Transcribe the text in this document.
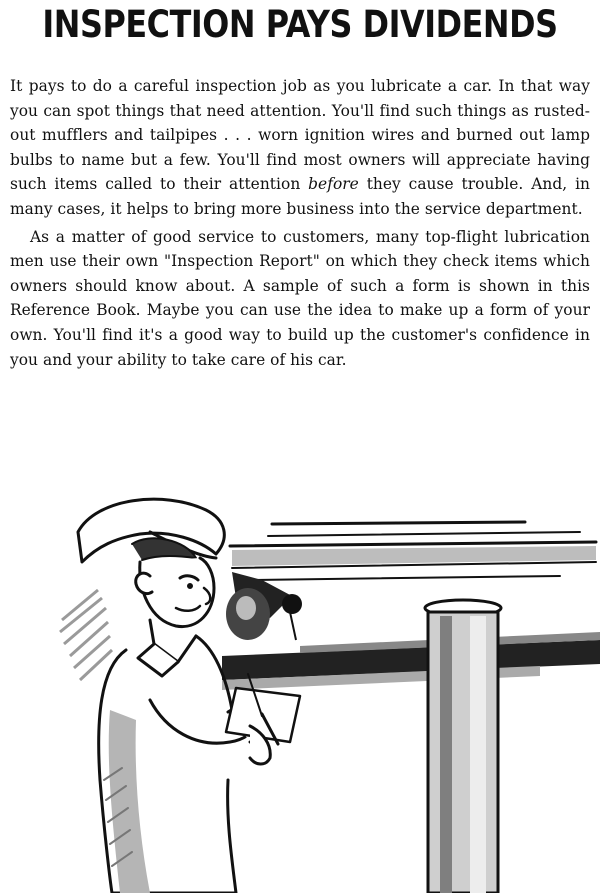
INSPECTION PAYS DIVIDENDS

It pays to do a careful inspection job as you lubricate a car. In that way you can spot things that need attention. You'll find such things as rusted-out mufflers and tailpipes . . . worn ignition wires and burned out lamp bulbs to name but a few. You'll find most owners will appreciate having such items called to their attention before they cause trouble. And, in many cases, it helps to bring more business into the service department.

As a matter of good service to customers, many top-flight lubrication men use their own "Inspection Report" on which they check items which owners should know about. A sample of such a form is shown in this Reference Book. Maybe you can use the idea to make up a form of your own. You'll find it's a good way to build up the customer's confidence in you and your ability to take care of his car.
